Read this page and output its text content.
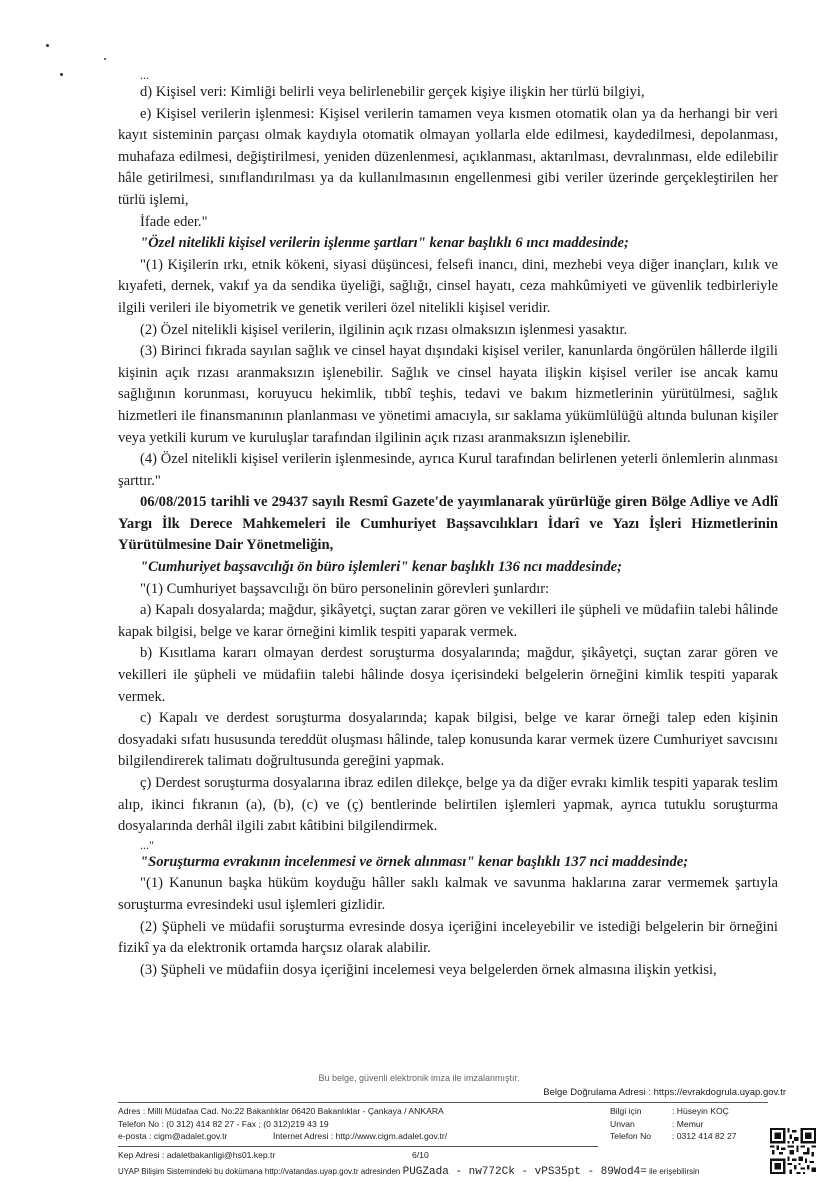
...

d) Kişisel veri: Kimliği belirli veya belirlenebilir gerçek kişiye ilişkin her türlü bilgiyi,

e) Kişisel verilerin işlenmesi: Kişisel verilerin tamamen veya kısmen otomatik olan ya da herhangi bir veri kayıt sisteminin parçası olmak kaydıyla otomatik olmayan yollarla elde edilmesi, kaydedilmesi, depolanması, muhafaza edilmesi, değiştirilmesi, yeniden düzenlenmesi, açıklanması, aktarılması, devralınması, elde edilebilir hâle getirilmesi, sınıflandırılması ya da kullanılmasının engellenmesi gibi veriler üzerinde gerçekleştirilen her türlü işlemi,

İfade eder."

"Özel nitelikli kişisel verilerin işlenme şartları" kenar başlıklı 6 ıncı maddesinde;

"(1) Kişilerin ırkı, etnik kökeni, siyasi düşüncesi, felsefi inancı, dini, mezhebi veya diğer inançları, kılık ve kıyafeti, dernek, vakıf ya da sendika üyeliği, sağlığı, cinsel hayatı, ceza mahkûmiyeti ve güvenlik tedbirleriyle ilgili verileri ile biyometrik ve genetik verileri özel nitelikli kişisel veridir.

(2) Özel nitelikli kişisel verilerin, ilgilinin açık rızası olmaksızın işlenmesi yasaktır.

(3) Birinci fıkrada sayılan sağlık ve cinsel hayat dışındaki kişisel veriler, kanunlarda öngörülen hâllerde ilgili kişinin açık rızası aranmaksızın işlenebilir. Sağlık ve cinsel hayata ilişkin kişisel veriler ise ancak kamu sağlığının korunması, koruyucu hekimlik, tıbbî teşhis, tedavi ve bakım hizmetlerinin yürütülmesi, sağlık hizmetleri ile finansmanının planlanması ve yönetimi amacıyla, sır saklama yükümlülüğü altında bulunan kişiler veya yetkili kurum ve kuruluşlar tarafından ilgilinin açık rızası aranmaksızın işlenebilir.

(4) Özel nitelikli kişisel verilerin işlenmesinde, ayrıca Kurul tarafından belirlenen yeterli önlemlerin alınması şarttır."

06/08/2015 tarihli ve 29437 sayılı Resmî Gazete'de yayımlanarak yürürlüğe giren Bölge Adliye ve Adlî Yargı İlk Derece Mahkemeleri ile Cumhuriyet Başsavcılıkları İdarî ve Yazı İşleri Hizmetlerinin Yürütülmesine Dair Yönetmeliğin,

"Cumhuriyet başsavcılığı ön büro işlemleri" kenar başlıklı 136 ncı maddesinde;

"(1) Cumhuriyet başsavcılığı ön büro personelinin görevleri şunlardır:

a) Kapalı dosyalarda; mağdur, şikâyetçi, suçtan zarar gören ve vekilleri ile şüpheli ve müdafiin talebi hâlinde kapak bilgisi, belge ve karar örneğini kimlik tespiti yaparak vermek.

b) Kısıtlama kararı olmayan derdest soruşturma dosyalarında; mağdur, şikâyetçi, suçtan zarar gören ve vekilleri ile şüpheli ve müdafiin talebi hâlinde dosya içerisindeki belgelerin örneğini kimlik tespiti yaparak vermek.

c) Kapalı ve derdest soruşturma dosyalarında; kapak bilgisi, belge ve karar örneği talep eden kişinin dosyadaki sıfatı hususunda tereddüt oluşması hâlinde, talep konusunda karar vermek üzere Cumhuriyet savcısını bilgilendirerek talimatı doğrultusunda gereğini yapmak.

ç) Derdest soruşturma dosyalarına ibraz edilen dilekçe, belge ya da diğer evrakı kimlik tespiti yaparak teslim alıp, ikinci fıkranın (a), (b), (c) ve (ç) bentlerinde belirtilen işlemleri yapmak, ayrıca tutuklu soruşturma dosyalarında derhâl ilgili zabıt kâtibini bilgilendirmek.

..."

"Soruşturma evrakının incelenmesi ve örnek alınması" kenar başlıklı 137 nci maddesinde;

"(1) Kanunun başka hüküm koyduğu hâller saklı kalmak ve savunma haklarına zarar vermemek şartıyla soruşturma evresindeki usul işlemleri gizlidir.

(2) Şüpheli ve müdafii soruşturma evresinde dosya içeriğini inceleyebilir ve istediği belgelerin bir örneğini fizikî ya da elektronik ortamda harçsız olarak alabilir.

(3) Şüpheli ve müdafiin dosya içeriğini incelemesi veya belgelerden örnek almasına ilişkin yetkisi,

Bu belge, güvenli elektronik imza ile imzalanmıştır.
Belge Doğrulama Adresi : https://evrakdogrula.uyap.gov.tr
Adres : Milli Müdafaa Cad. No:22 Bakanlıklar 06420 Bakanlıklar - Çankaya / ANKARA
Telefon No : (0 312) 414 82 27 - Fax ; (0 312)219 43 19
e-posta : cigm@adalet.gov.tr	İnternet Adresi : http://www.cigm.adalet.gov.tr/
Bilgi için	: Hüseyin KOÇ
Unvan	: Memur
Telefon No : 0312 414 82 27
Kep Adresi : adaletbakanligi@hs01.kep.tr	6/10
UYAP Bilişim Sistemindeki bu dokümana http://vatandas.uyap.gov.tr adresinden PUGZada - nw772Ck - vPS35pt - 89Wod4= ile erişebilirsin
